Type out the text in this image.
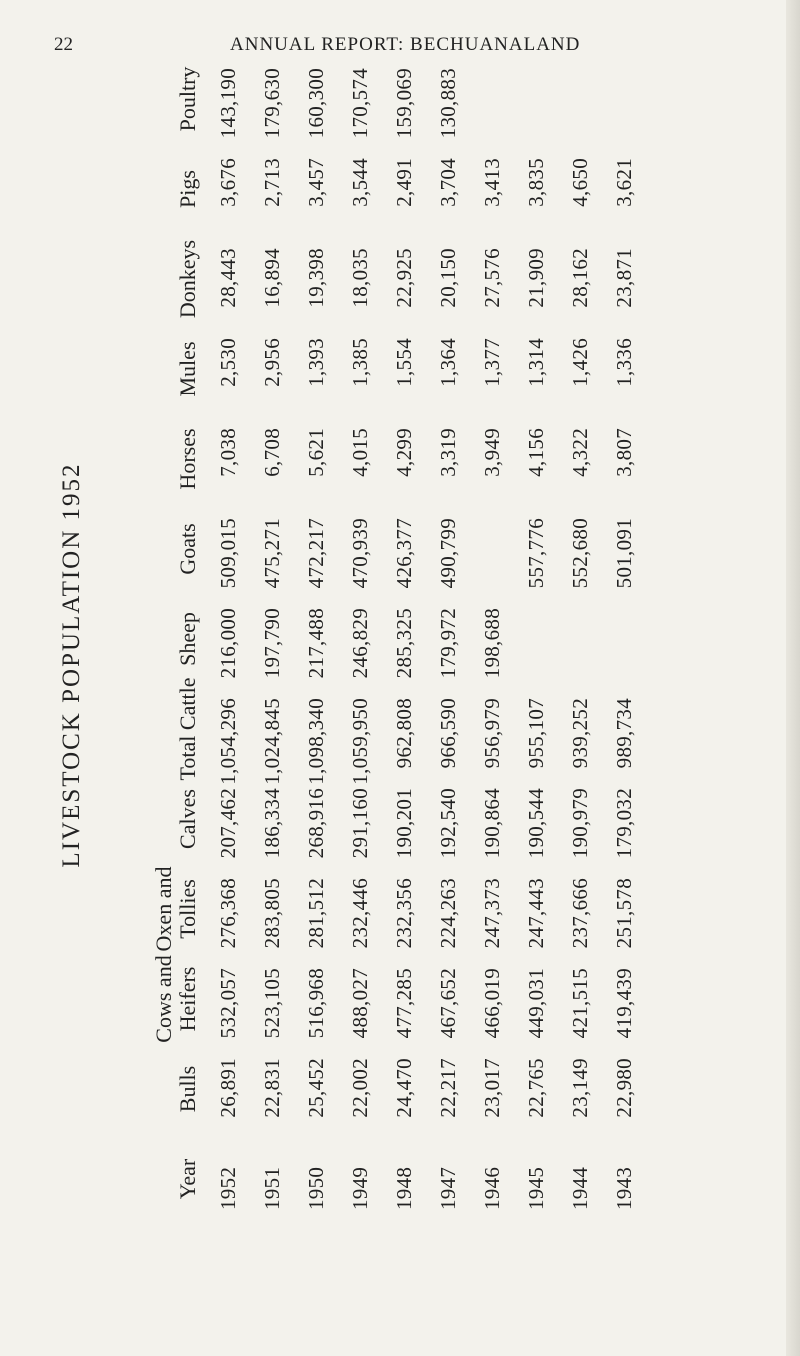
22	ANNUAL REPORT: BECHUANALAND
LIVESTOCK POPULATION 1952
Year 1952 1951 1950 1949 1948 1947 1946 1945 1944 1943
Bulls 26,891 22,831 25,452 22,002 24,470 22,217 23,017 22,765 23,149 22,980
Cows and Heifers 532,057 523,105 516,968 488,027 477,285 467,652 466,019 449,031 421,515 419,439
Oxen and Tollies 276,368 283,805 281,512 232,446 232,356 224,263 247,373 247,443 237,666 251,578
Calves 207,462 186,334 268,916 291,160 190,201 192,540 190,864 190,544 190,979 179,032
Total Cattle 1,054,296 1,024,845 1,098,340 1,059,950 962,808 966,590 956,979 955,107 939,252 989,734
Sheep 216,000 197,790 217,488 246,829 285,325 179,972 198,688
Goats 509,015 475,271 472,217 470,939 426,377 490,799	557,776 552,680 501,091
Horses 7,038 6,708 5,621 4,015 4,299 3,319 3,949 4,156 4,322 3,807
Mules 2,530 2,956 1,393 1,385 1,554 1,364 1,377 1,314 1,426 1,336
Donkeys 28,443 16,894 19,398 18,035 22,925 20,150 27,576 21,909 28,162 23,871
Pigs 3,676 2,713 3,457 3,544 2,491 3,704 3,413 3,835 4,650 3,621
Poultry 143,190 179,630 160,300 170,574 159,069 130,883
